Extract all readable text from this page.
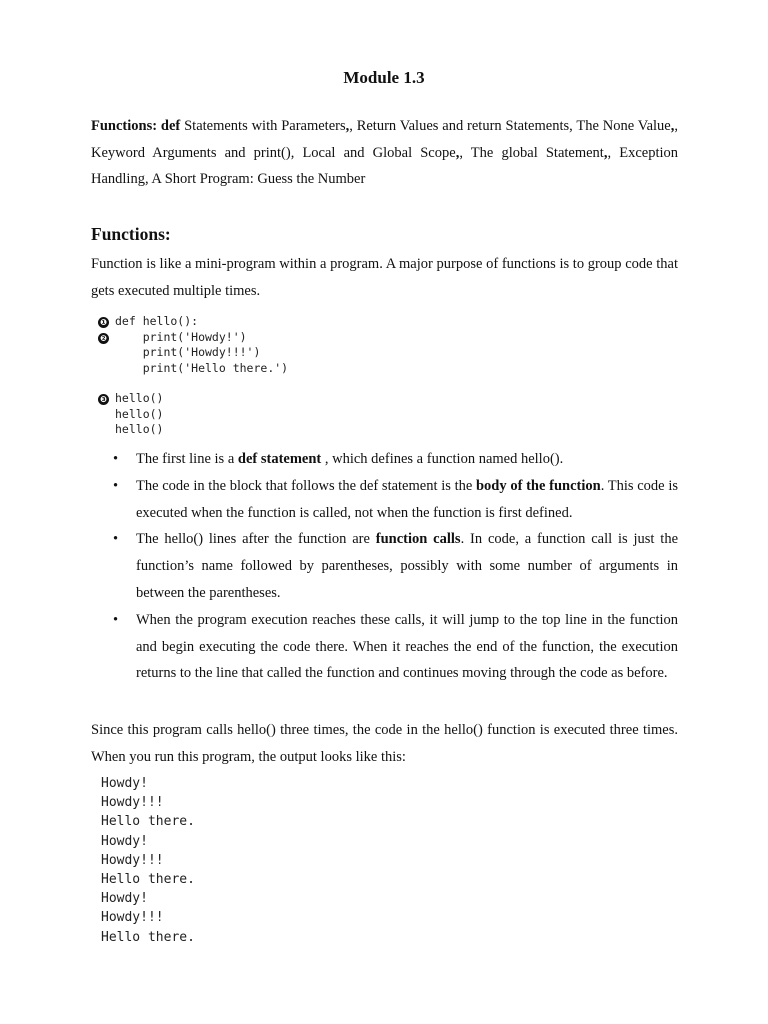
Module 1.3
Functions: def Statements with Parameters,, Return Values and return Statements, The None Value,, Keyword Arguments and print(), Local and Global Scope,, The global Statement,, Exception Handling, A Short Program: Guess the Number
Functions:
Function is like a mini-program within a program. A major purpose of functions is to group code that gets executed multiple times.
❶ def hello():
❷    print('Howdy!')
print('Howdy!!!')
print('Hello there.')
❸ hello()
hello()
hello()
• The first line is a def statement , which defines a function named hello().
• The code in the block that follows the def statement is the body of the function. This code is executed when the function is called, not when the function is first defined.
• The hello() lines after the function are function calls. In code, a function call is just the function’s name followed by parentheses, possibly with some number of arguments in between the parentheses.
• When the program execution reaches these calls, it will jump to the top line in the function and begin executing the code there. When it reaches the end of the function, the execution returns to the line that called the function and continues moving through the code as before.
Since this program calls hello() three times, the code in the hello() function is executed three times. When you run this program, the output looks like this:
Howdy!
Howdy!!!
Hello there.
Howdy!
Howdy!!!
Hello there.
Howdy!
Howdy!!!
Hello there.
